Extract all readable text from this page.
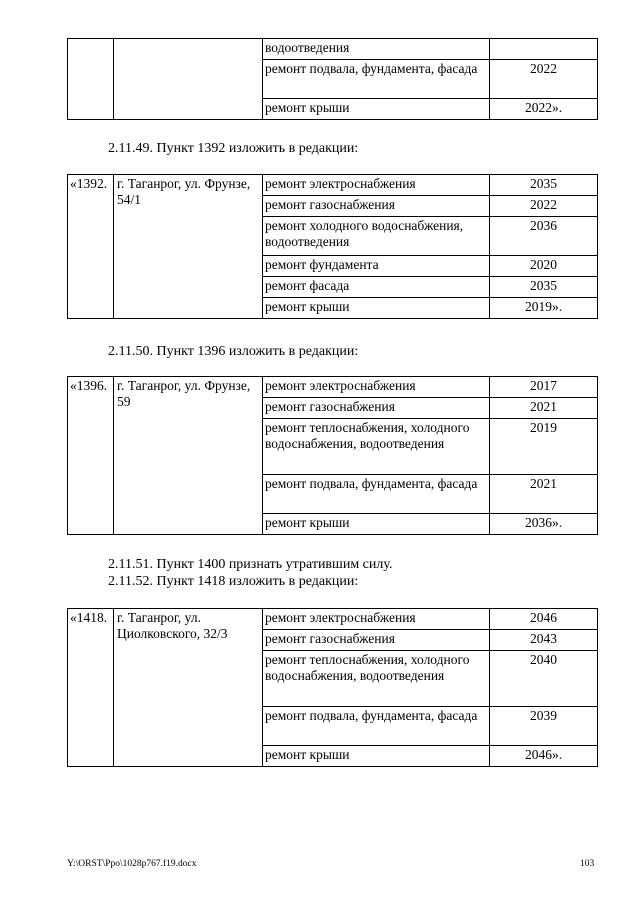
		водоотведения	
		ремонт подвала, фундамента, фасада	2022
		ремонт крыши	2022».
2.11.49. Пункт 1392 изложить в редакции:
«1392.	г. Таганрог, ул. Фрунзе, 54/1	ремонт электроснабжения	2035
		ремонт газоснабжения	2022
		ремонт холодного водоснабжения, водоотведения	2036
		ремонт фундамента	2020
		ремонт фасада	2035
		ремонт крыши	2019».
2.11.50. Пункт 1396 изложить в редакции:
«1396.	г. Таганрог, ул. Фрунзе, 59	ремонт электроснабжения	2017
		ремонт газоснабжения	2021
		ремонт теплоснабжения, холодного водоснабжения, водоотведения	2019
		ремонт подвала, фундамента, фасада	2021
		ремонт крыши	2036».
2.11.51. Пункт 1400 признать утратившим силу.
2.11.52. Пункт 1418 изложить в редакции:
«1418.	г. Таганрог, ул. Циолковского, 32/3	ремонт электроснабжения	2046
		ремонт газоснабжения	2043
		ремонт теплоснабжения, холодного водоснабжения, водоотведения	2040
		ремонт подвала, фундамента, фасада	2039
		ремонт крыши	2046».
Y:\ORST\Ppo\1028p767.f19.docx	103
